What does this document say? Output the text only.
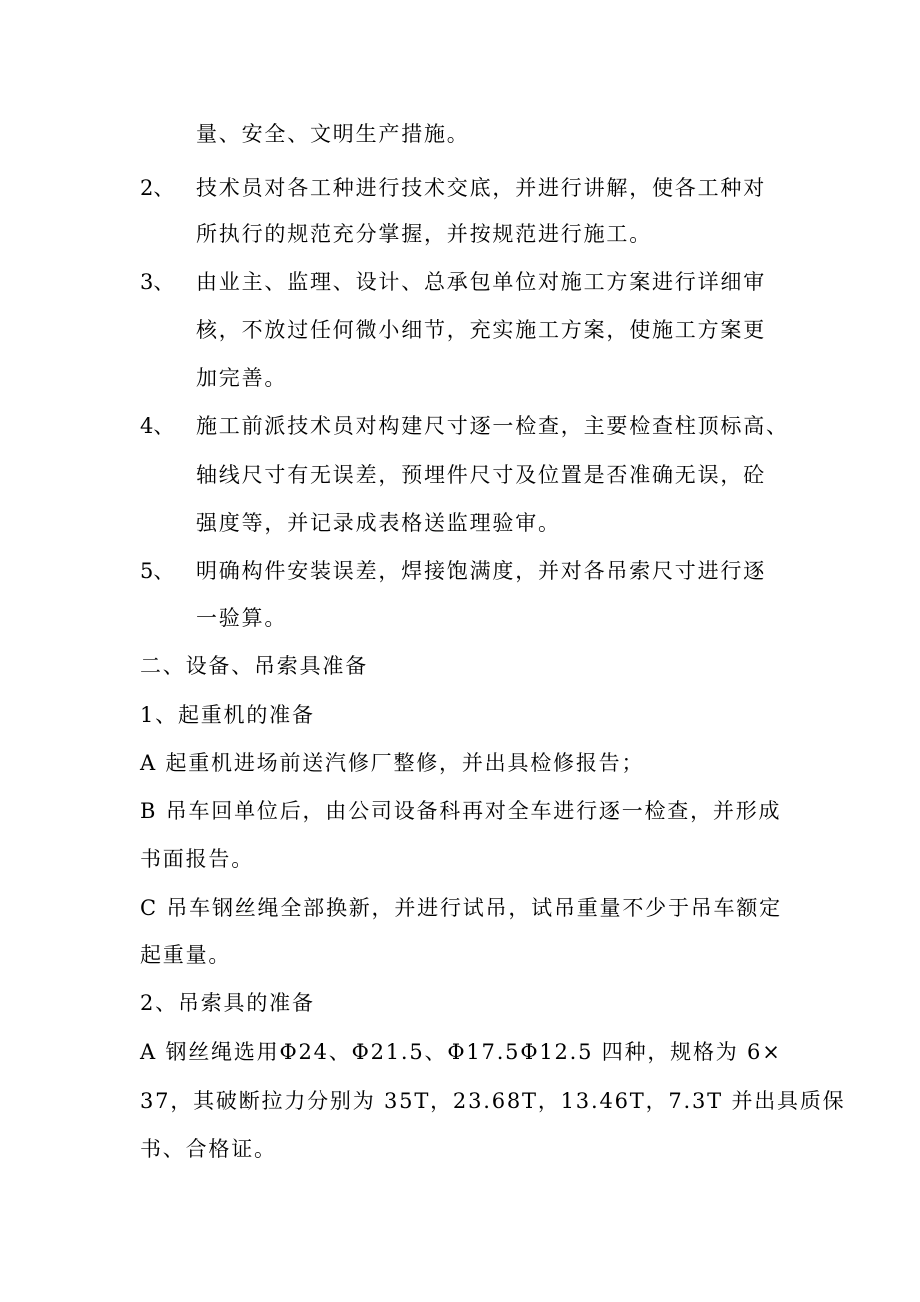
量、安全、文明生产措施。
2、 技术员对各工种进行技术交底，并进行讲解，使各工种对
所执行的规范充分掌握，并按规范进行施工。
3、 由业主、监理、设计、总承包单位对施工方案进行详细审
核，不放过任何微小细节，充实施工方案，使施工方案更
加完善。
4、 施工前派技术员对构建尺寸逐一检查，主要检查柱顶标高、
轴线尺寸有无误差，预埋件尺寸及位置是否准确无误，砼
强度等，并记录成表格送监理验审。
5、 明确构件安装误差，焊接饱满度，并对各吊索尺寸进行逐
一验算。
二、设备、吊索具准备
1、起重机的准备
A 起重机进场前送汽修厂整修，并出具检修报告；
B 吊车回单位后，由公司设备科再对全车进行逐一检查，并形成
书面报告。
C 吊车钢丝绳全部换新，并进行试吊，试吊重量不少于吊车额定
起重量。
2、吊索具的准备
A 钢丝绳选用Φ24、Φ21.5、Φ17.5Φ12.5 四种，规格为 6×
37，其破断拉力分别为 35T，23.68T，13.46T，7.3T 并出具质保
书、合格证。
